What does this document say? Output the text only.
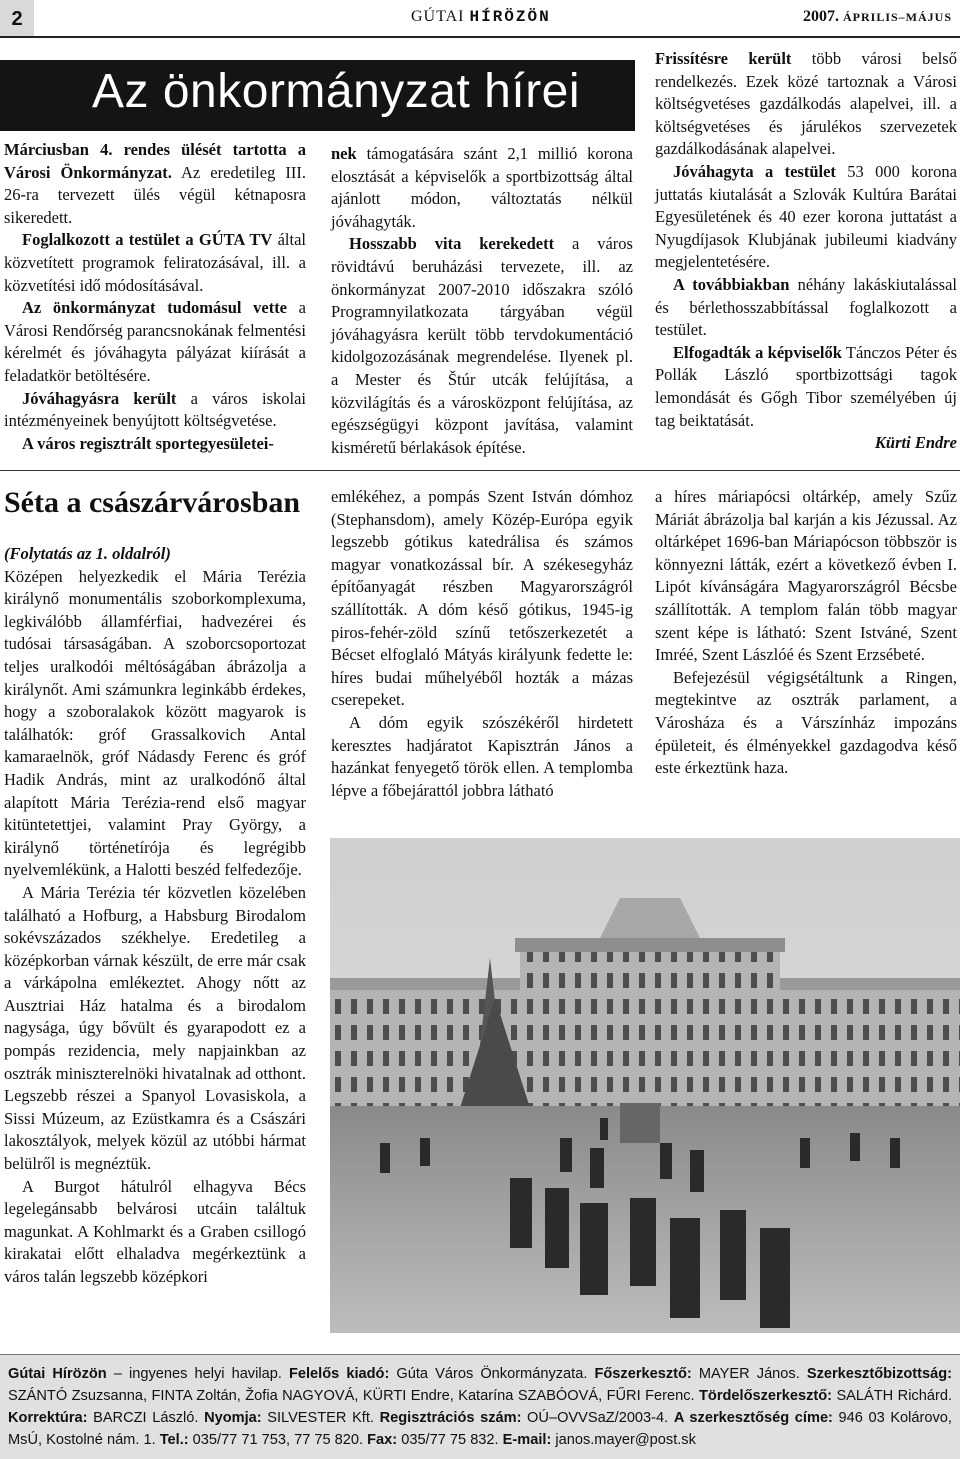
2	GÚTAI HÍRÖZÖN	2007. ÁPRILIS–MÁJUS
Az önkormányzat hírei

Márciusban 4. rendes ülését tartotta a Városi Önkormányzat. Az eredetileg III. 26-ra tervezett ülés végül kétnaposra sikeredett.

Foglalkozott a testület a GÚTA TV által közvetített programok feliratozásával, ill. a közvetítési idő módosításával.

Az önkormányzat tudomásul vette a Városi Rendőrség parancsnokának felmentési kérelmét és jóváhagyta pályázat kiírását a feladatkör betöltésére.

Jóváhagyásra került a város iskolai intézményeinek benyújtott költségvetése.

A város regisztrált sportegyesületei-

nek támogatására szánt 2,1 millió korona elosztását a képviselők a sportbizottság által ajánlott módon, változtatás nélkül jóváhagyták.

Hosszabb vita kerekedett a város rövidtávú beruházási tervezete, ill. az önkormányzat 2007-2010 időszakra szóló Programnyilatkozata tárgyában végül jóváhagyásra került több tervdokumentáció kidolgozozásának megrendelése. Ilyenek pl. a Mester és Štúr utcák felújítása, a közvilágítás és a városközpont felújítása, az egészségügyi központ javítása, valamint kisméretű bérlakások építése.

Frissítésre került több városi belső rendelkezés. Ezek közé tartoznak a Városi költségvetéses gazdálkodás alapelvei, ill. a költségvetéses és járulékos szervezetek gazdálkodásának alapelvei.

Jóváhagyta a testület 53 000 korona juttatás kiutalását a Szlovák Kultúra Barátai Egyesületének és 40 ezer korona juttatást a Nyugdíjasok Klubjának jubileumi kiadvány megjelentetésére.

A továbbiakban néhány lakáskiutalással és bérlethosszabbítással foglalkozott a testület.

Elfogadták a képviselők Tánczos Péter és Pollák László sportbizottsági tagok lemondását és Gőgh Tibor személyében új tag beiktatását.

Kürti Endre

Séta a császárvárosban

(Folytatás az 1. oldalról)

Középen helyezkedik el Mária Terézia királynő monumentális szoborkomplexuma, legkiválóbb államférfiai, hadvezérei és tudósai társaságában. A szoborcsoportozat teljes uralkodói méltóságában ábrázolja a királynőt. Ami számunkra leginkább érdekes, hogy a szoboralakok között magyarok is találhatók: gróf Grassalkovich Antal kamaraelnök, gróf Nádasdy Ferenc és gróf Hadik András, mint az uralkodónő által alapított Mária Terézia-rend első magyar kitüntetettjei, valamint Pray György, a királynő történetírója és legrégibb nyelvemlékünk, a Halotti beszéd felfedezője.

A Mária Terézia tér közvetlen közelében található a Hofburg, a Habsburg Birodalom sokévszázados székhelye. Eredetileg a középkorban várnak készült, de erre már csak a várkápolna emlékeztet. Ahogy nőtt az Ausztriai Ház hatalma és a birodalom nagysága, úgy bővült és gyarapodott ez a pompás rezidencia, mely napjainkban az osztrák miniszterelnöki hivatalnak ad otthont. Legszebb részei a Spanyol Lovasiskola, a Sissi Múzeum, az Ezüstkamra és a Császári lakosztályok, melyek közül az utóbbi hármat belülről is megnéztük.

A Burgot hátulról elhagyva Bécs legelegánsabb belvárosi utcáin találtuk magunkat. A Kohlmarkt és a Graben csillogó kirakatai előtt elhaladva megérkeztünk a város talán legszebb középkori

emlékéhez, a pompás Szent István dómhoz (Stephansdom), amely Közép-Európa egyik legszebb gótikus katedrálisa és számos magyar vonatkozással bír. A székesegyház építőanyagát részben Magyarországról szállították. A dóm késő gótikus, 1945-ig piros-fehér-zöld színű tetőszerkezetét a Bécset elfoglaló Mátyás királyunk fedette le: híres budai műhelyéből hozták a mázas cserepeket.

A dóm egyik szószékéről hirdetett keresztes hadjáratot Kapisztrán János a hazánkat fenyegető török ellen. A templomba lépve a főbejárattól jobbra látható

a híres máriapócsi oltárkép, amely Szűz Máriát ábrázolja bal karján a kis Jézussal. Az oltárképet 1696-ban Máriapócson többször is könnyezni látták, ezért a következő évben I. Lipót kívánságára Magyarországról Bécsbe szállították. A templom falán több magyar szent képe is látható: Szent Istváné, Szent Imréé, Szent Lászlóé és Szent Erzsébeté.

Befejezésül végigsétáltunk a Ringen, megtekintve az osztrák parlament, a Városháza és a Várszínház impozáns épületeit, és élményekkel gazdagodva késő este érkeztünk haza.

Gútai Hírözön – ingyenes helyi havilap. Felelős kiadó: Gúta Város Önkormányzata. Főszerkesztő: MAYER János. Szerkesztőbizottság: SZÁNTÓ Zsuzsanna, FINTA Zoltán, Žofia NAGYOVÁ, KÜRTI Endre, Katarína SZABÓOVÁ, FŰRI Ferenc. Tördelőszerkesztő: SALÁTH Richárd. Korrektúra: BARCZI László. Nyomja: SILVESTER Kft. Regisztrációs szám: OÚ–OVVSaZ/2003-4. A szerkesztőség címe: 946 03 Kolárovo, MsÚ, Kostolné nám. 1. Tel.: 035/77 71 753, 77 75 820. Fax: 035/77 75 832. E-mail: janos.mayer@post.sk
